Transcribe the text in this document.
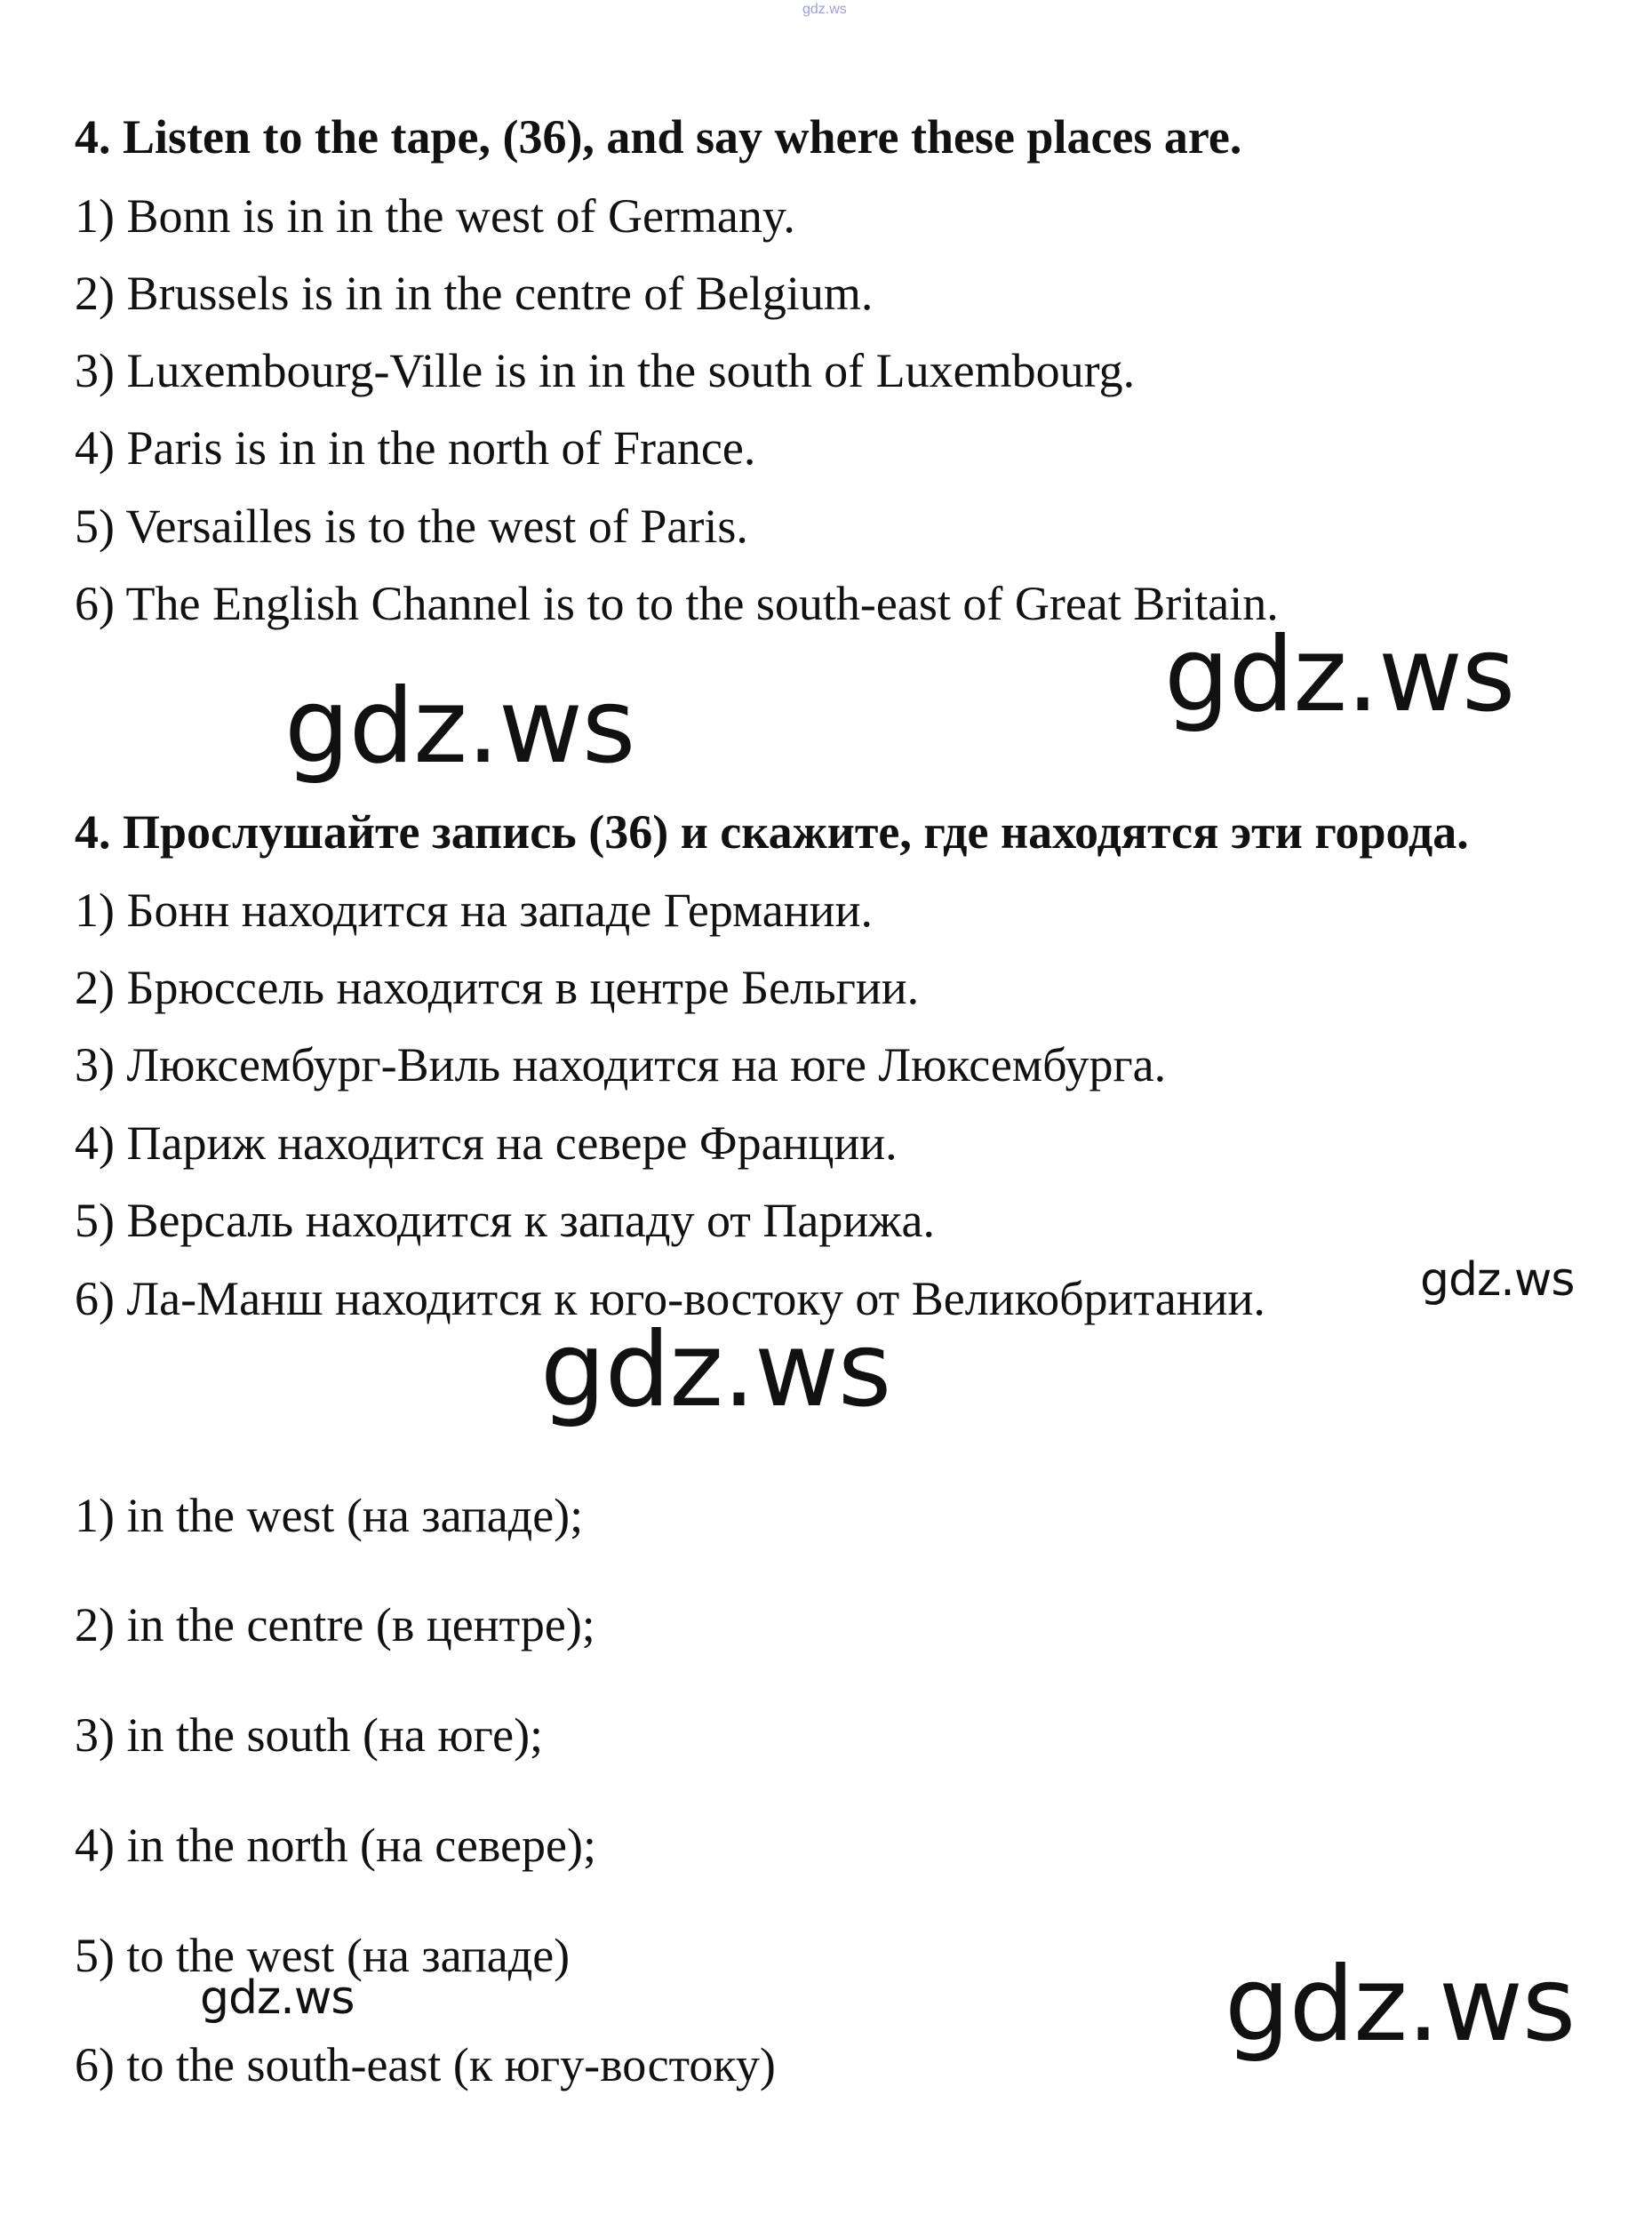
gdz.ws
4. Listen to the tape, (36), and say where these places are.
1) Bonn is in in the west of Germany.
2) Brussels is in in the centre of Belgium.
3) Luxembourg-Ville is in in the south of Luxembourg.
4) Paris is in in the north of France.
5) Versailles is to the west of Paris.
6) The English Channel is to to the south-east of Great Britain.
gdz.ws
gdz.ws
4. Прослушайте запись (36) и скажите, где находятся эти города.
1) Бонн находится на западе Германии.
2) Брюссель находится в центре Бельгии.
3) Люксембург-Виль находится на юге Люксембурга.
4) Париж находится на севере Франции.
5) Версаль находится к западу от Парижа.
6) Ла-Манш находится к юго-востоку от Великобритании.	gdz.ws
gdz.ws
1) in the west (на западе);
2) in the centre (в центре);
3) in the south (на юге);
4) in the north (на севере);
5) to the west (на западе)
6) to the south-east (к югу-востоку)
gdz.ws	gdz.ws
